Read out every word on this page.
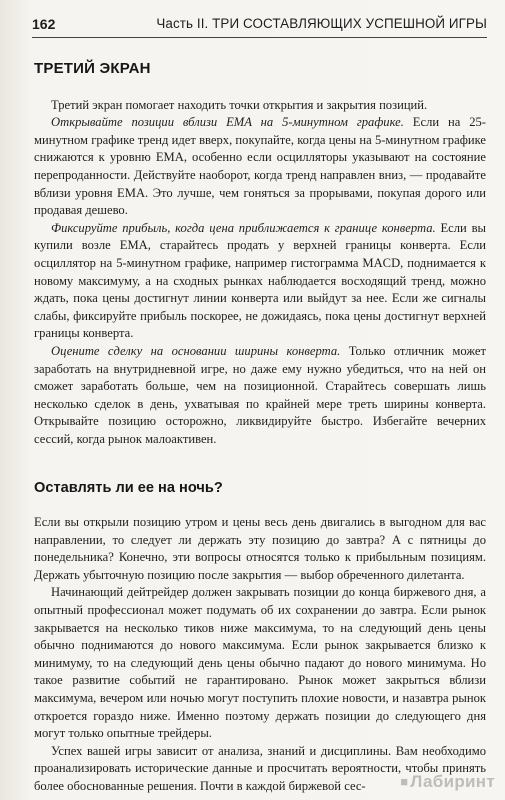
162	Часть II. ТРИ СОСТАВЛЯЮЩИХ УСПЕШНОЙ ИГРЫ
ТРЕТИЙ ЭКРАН

Третий экран помогает находить точки открытия и закрытия позиций.

Открывайте позиции вблизи EMA на 5-минутном графике. Если на 25-минутном графике тренд идет вверх, покупайте, когда цены на 5-минутном графике снижаются к уровню EMA, особенно если осцилляторы указывают на состояние перепроданности. Действуйте наоборот, когда тренд направлен вниз, — продавайте вблизи уровня EMA. Это лучше, чем гоняться за прорывами, покупая дорого или продавая дешево.

Фиксируйте прибыль, когда цена приближается к границе конверта. Если вы купили возле EMA, старайтесь продать у верхней границы конверта. Если осциллятор на 5-минутном графике, например гистограмма MACD, поднимается к новому максимуму, а на сходных рынках наблюдается восходящий тренд, можно ждать, пока цены достигнут линии конверта или выйдут за нее. Если же сигналы слабы, фиксируйте прибыль поскорее, не дожидаясь, пока цены достигнут верхней границы конверта.

Оцените сделку на основании ширины конверта. Только отличник может заработать на внутридневной игре, но даже ему нужно убедиться, что на ней он сможет заработать больше, чем на позиционной. Старайтесь совершать лишь несколько сделок в день, ухватывая по крайней мере треть ширины конверта. Открывайте позицию осторожно, ликвидируйте быстро. Избегайте вечерних сессий, когда рынок малоактивен.

Оставлять ли ее на ночь?

Если вы открыли позицию утром и цены весь день двигались в выгодном для вас направлении, то следует ли держать эту позицию до завтра? А с пятницы до понедельника? Конечно, эти вопросы относятся только к прибыльным позициям. Держать убыточную позицию после закрытия — выбор обреченного дилетанта.

Начинающий дейтрейдер должен закрывать позиции до конца биржевого дня, а опытный профессионал может подумать об их сохранении до завтра. Если рынок закрывается на несколько тиков ниже максимума, то на следующий день цены обычно поднимаются до нового максимума. Если рынок закрывается близко к минимуму, то на следующий день цены обычно падают до нового минимума. Но такое развитие событий не гарантировано. Рынок может закрыться вблизи максимума, вечером или ночью могут поступить плохие новости, и назавтра рынок откроется гораздо ниже. Именно поэтому держать позиции до следующего дня могут только опытные трейдеры.

Успех вашей игры зависит от анализа, знаний и дисциплины. Вам необходимо проанализировать исторические данные и просчитать вероятности, чтобы принять более обоснованные решения. Почти в каждой биржевой сес-	■ Лабиринт
